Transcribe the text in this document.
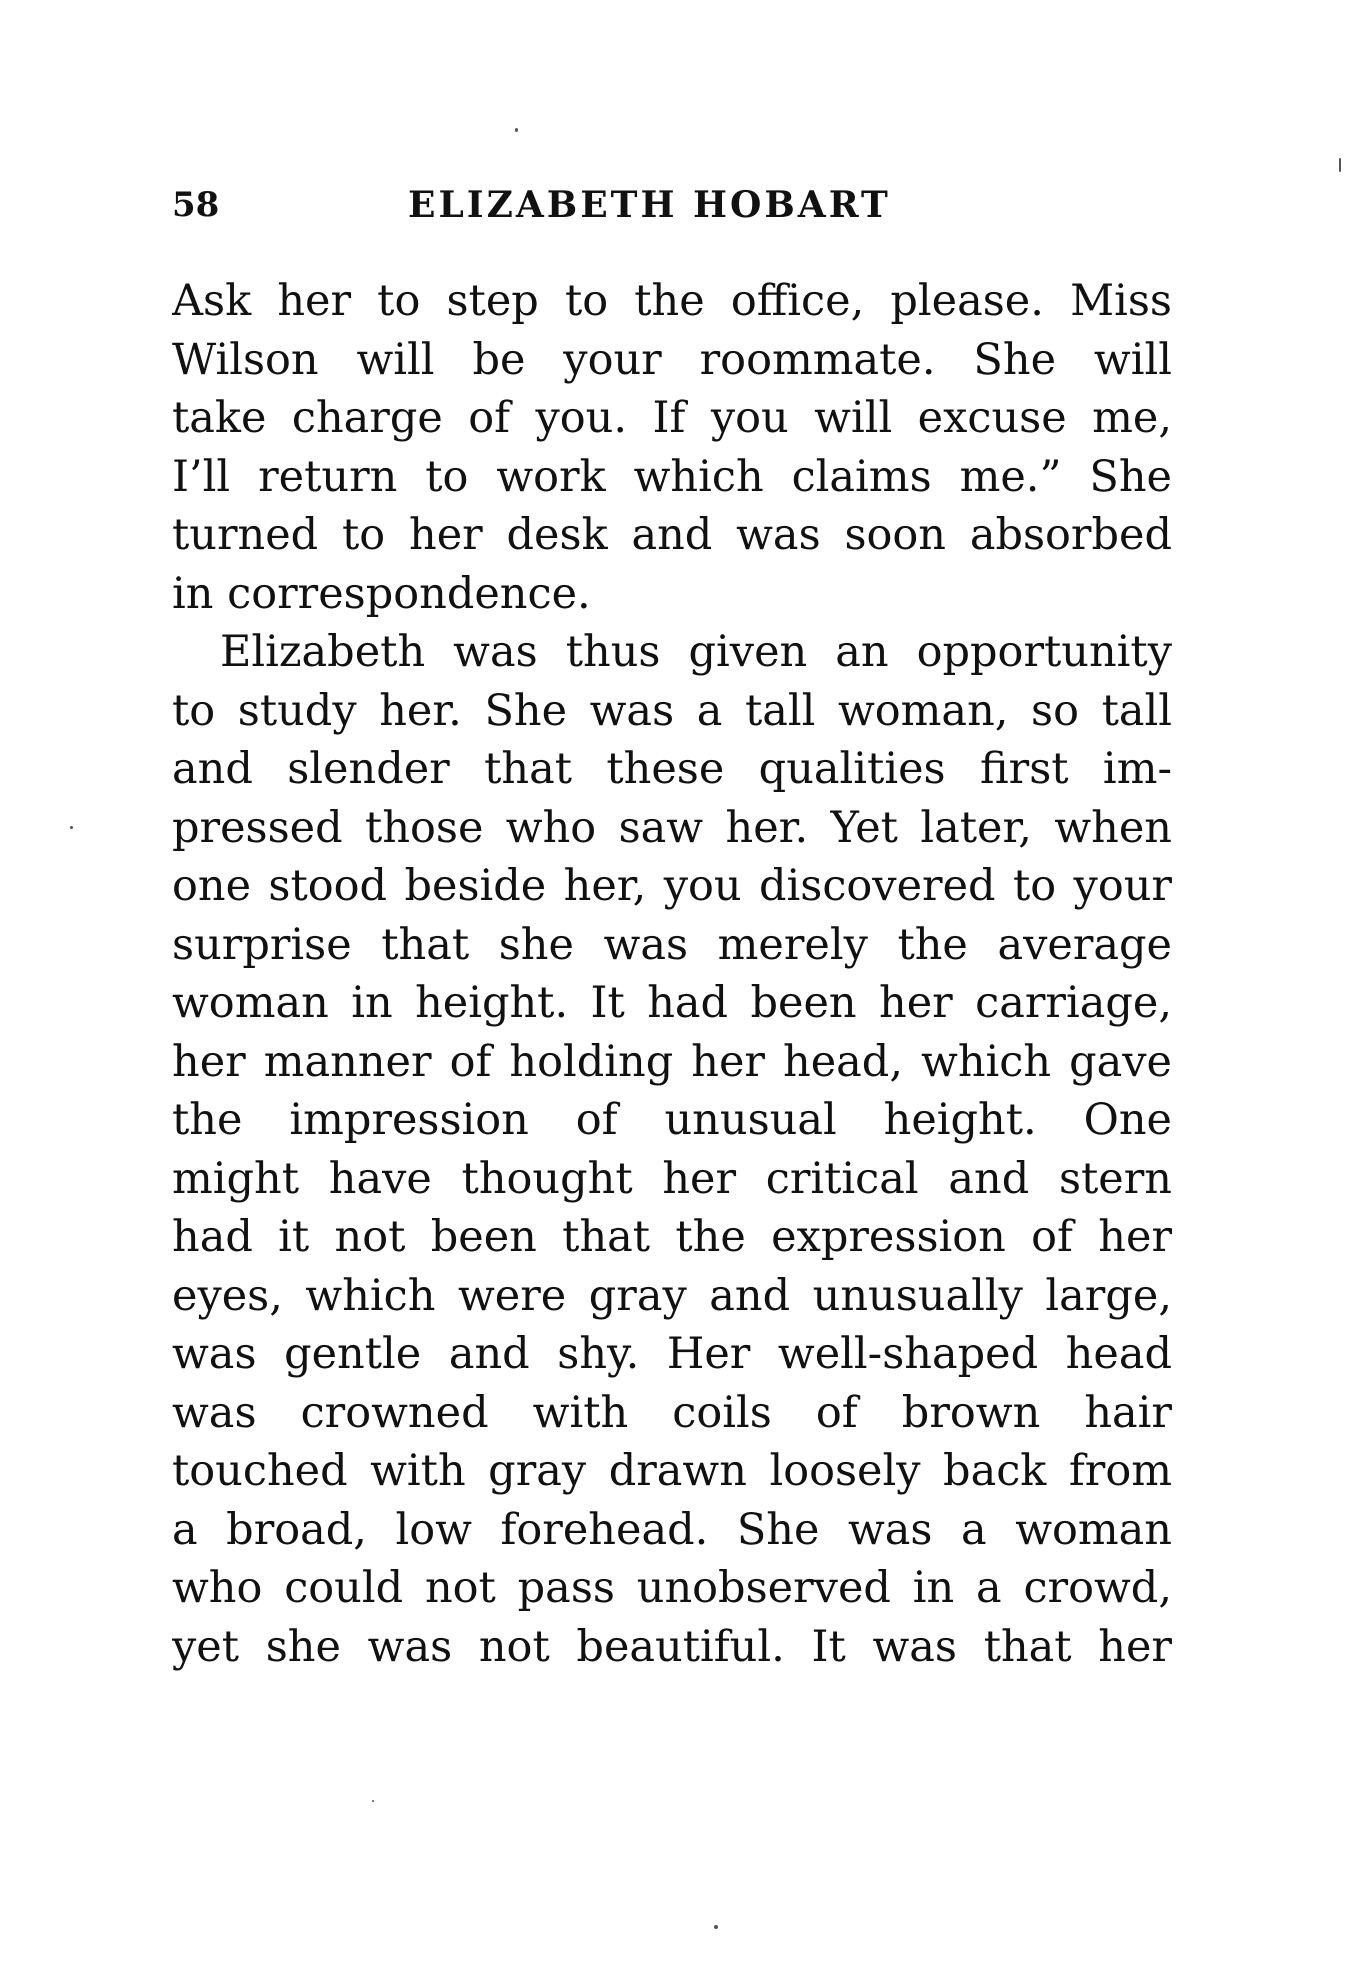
58	ELIZABETH HOBART
Ask her to step to the office, please. Miss
Wilson will be your roommate. She will
take charge of you. If you will excuse me,
I’ll return to work which claims me.” She
turned to her desk and was soon absorbed
in correspondence.
Elizabeth was thus given an opportunity
to study her. She was a tall woman, so tall
and slender that these qualities first im-
pressed those who saw her. Yet later, when
one stood beside her, you discovered to your
surprise that she was merely the average
woman in height. It had been her carriage,
her manner of holding her head, which gave
the impression of unusual height. One
might have thought her critical and stern
had it not been that the expression of her
eyes, which were gray and unusually large,
was gentle and shy. Her well-shaped head
was crowned with coils of brown hair
touched with gray drawn loosely back from
a broad, low forehead. She was a woman
who could not pass unobserved in a crowd,
yet she was not beautiful. It was that her
